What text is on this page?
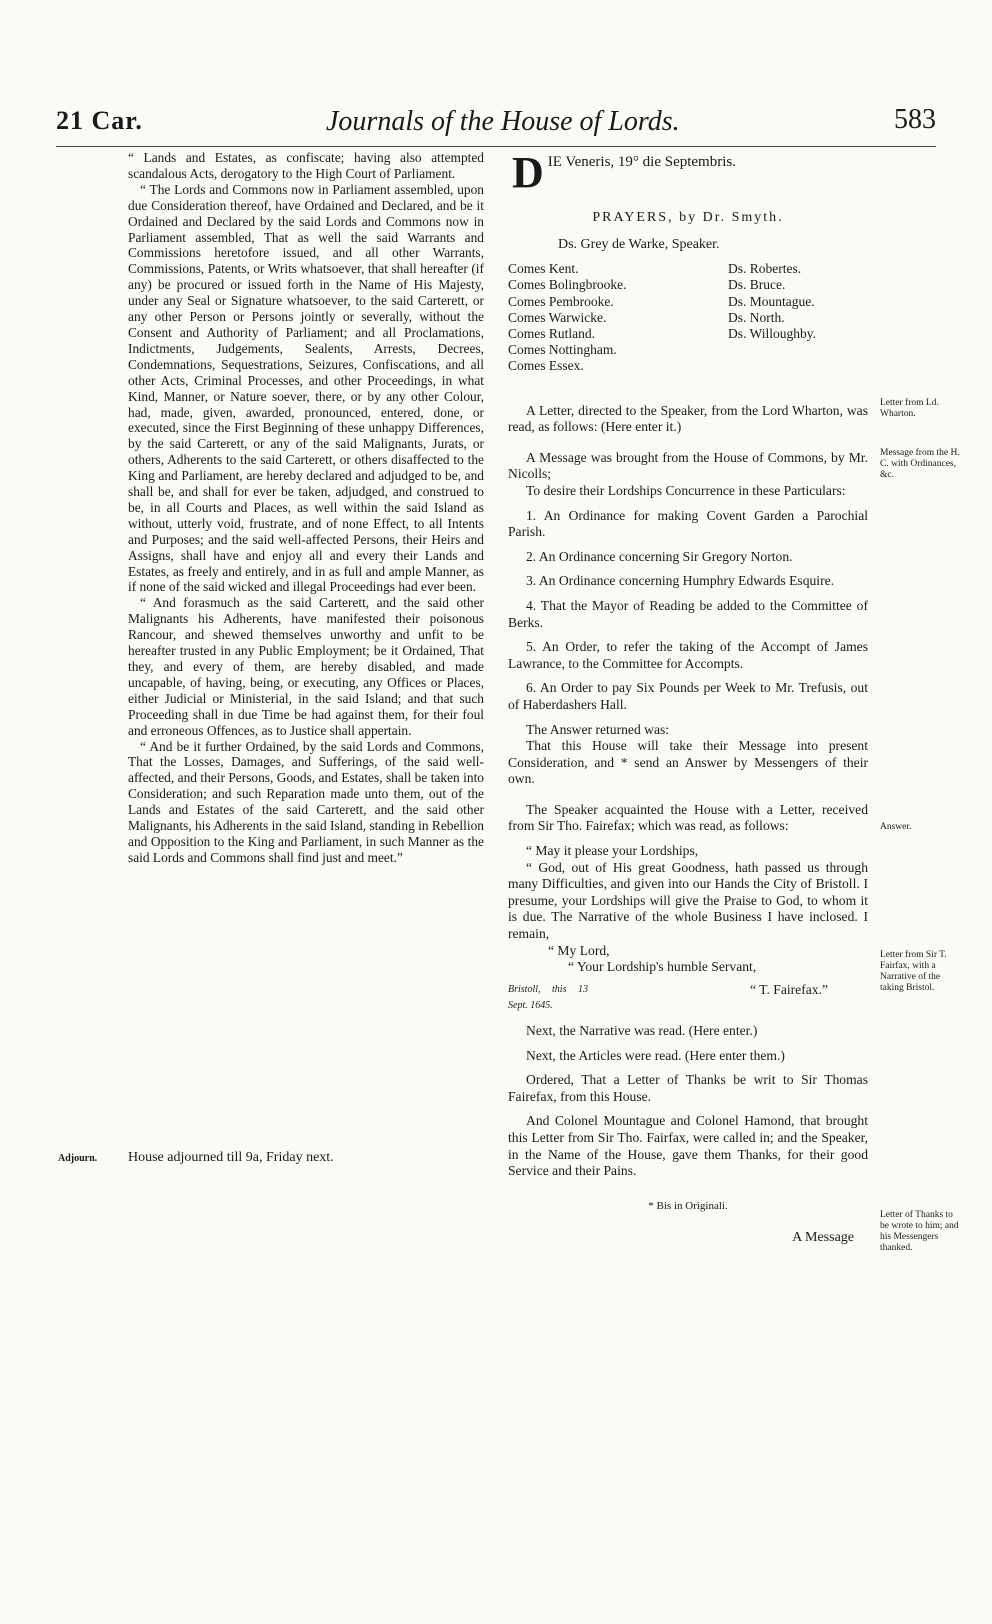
21 Car.	Journals of the House of Lords.	583

“ Lands and Estates, as confiscate; having also attempted scandalous Acts, derogatory to the High Court of Parliament.

“ The Lords and Commons now in Parliament assembled, upon due Consideration thereof, have Ordained and Declared, and be it Ordained and Declared by the said Lords and Commons now in Parliament assembled, That as well the said Warrants and Commissions heretofore issued, and all other Warrants, Commissions, Patents, or Writs whatsoever, that shall hereafter (if any) be procured or issued forth in the Name of His Majesty, under any Seal or Signature whatsoever, to the said Carterett, or any other Person or Persons jointly or severally, without the Consent and Authority of Parliament; and all Proclamations, Indictments, Judgements, Sealents, Arrests, Decrees, Condemnations, Sequestrations, Seizures, Confiscations, and all other Acts, Criminal Processes, and other Proceedings, in what Kind, Manner, or Nature soever, there, or by any other Colour, had, made, given, awarded, pronounced, entered, done, or executed, since the First Beginning of these unhappy Differences, by the said Carterett, or any of the said Malignants, Jurats, or others, Adherents to the said Carterett, or others disaffected to the King and Parliament, are hereby declared and adjudged to be, and shall be, and shall for ever be taken, adjudged, and construed to be, in all Courts and Places, as well within the said Island as without, utterly void, frustrate, and of none Effect, to all Intents and Purposes; and the said well-affected Persons, their Heirs and Assigns, shall have and enjoy all and every their Lands and Estates, as freely and entirely, and in as full and ample Manner, as if none of the said wicked and illegal Proceedings had ever been.

“ And forasmuch as the said Carterett, and the said other Malignants his Adherents, have manifested their poisonous Rancour, and shewed themselves unworthy and unfit to be hereafter trusted in any Public Employment; be it Ordained, That they, and every of them, are hereby disabled, and made uncapable, of having, being, or executing, any Offices or Places, either Judicial or Ministerial, in the said Island; and that such Proceeding shall in due Time be had against them, for their foul and erroneous Offences, as to Justice shall appertain.

“ And be it further Ordained, by the said Lords and Commons, That the Losses, Damages, and Sufferings, of the said well-affected, and their Persons, Goods, and Estates, shall be taken into Consideration; and such Reparation made unto them, out of the Lands and Estates of the said Carterett, and the said other Malignants, his Adherents in the said Island, standing in Rebellion and Opposition to the King and Parliament, in such Manner as the said Lords and Commons shall find just and meet.”

Adjourn. House adjourned till 9a, Friday next.
D IE Veneris, 19° die Septembris.
PRAYERS, by Dr. Smyth.
Ds. Grey de Warke, Speaker.
Comes Kent.
Comes Bolingbrooke.
Comes Pembrooke.
Comes Warwicke.
Comes Rutland.
Comes Nottingham.
Comes Essex.
Ds. Robertes.
Ds. Bruce.
Ds. Mountague.
Ds. North.
Ds. Willoughby.

A Letter, directed to the Speaker, from the Lord Wharton, was read, as follows: (Here enter it.)

A Message was brought from the House of Commons, by Mr. Nicolls;

To desire their Lordships Concurrence in these Particulars:

1. An Ordinance for making Covent Garden a Parochial Parish.

2. An Ordinance concerning Sir Gregory Norton.

3. An Ordinance concerning Humphry Edwards Esquire.

4. That the Mayor of Reading be added to the Committee of Berks.

5. An Order, to refer the taking of the Accompt of James Lawrance, to the Committee for Accompts.

6. An Order to pay Six Pounds per Week to Mr. Trefusis, out of Haberdashers Hall.

The Answer returned was:

That this House will take their Message into present Consideration, and * send an Answer by Messengers of their own.

The Speaker acquainted the House with a Letter, received from Sir Tho. Fairefax; which was read, as follows:

“ May it please your Lordships,

“ God, out of His great Goodness, hath passed us through many Difficulties, and given into our Hands the City of Bristoll. I presume, your Lordships will give the Praise to God, to whom it is due. The Narrative of the whole Business I have inclosed. I remain,

“ My Lord,

“ Your Lordship's humble Servant,

Bristoll, this 13 Sept. 1645.
“ T. Fairefax.”

Next, the Narrative was read. (Here enter.)

Next, the Articles were read. (Here enter them.)

Ordered, That a Letter of Thanks be writ to Sir Thomas Fairefax, from this House.

And Colonel Mountague and Colonel Hamond, that brought this Letter from Sir Tho. Fairfax, were called in; and the Speaker, in the Name of the House, gave them Thanks, for their good Service and their Pains.

* Bis in Originali.
A Message
Letter from Ld. Wharton.
Message from the H. C. with Ordinances, &c.
Answer.
Letter from Sir T. Fairfax, with a Narrative of the taking Bristol.
Letter of Thanks to be wrote to him; and his Messengers thanked.
